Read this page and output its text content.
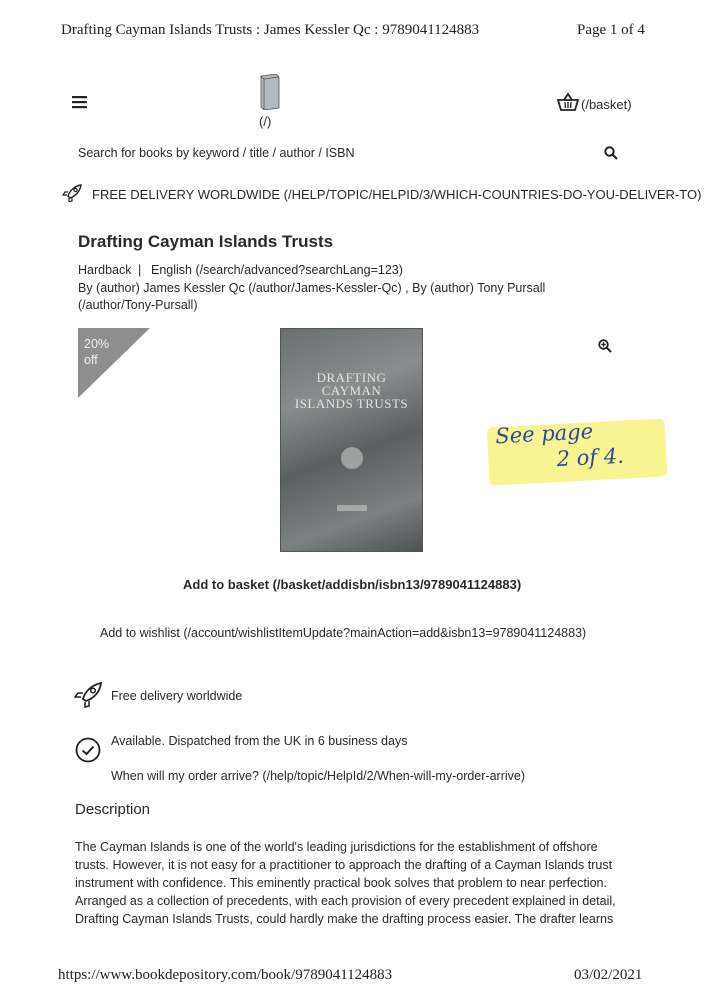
Drafting Cayman Islands Trusts : James Kessler Qc : 9789041124883	Page 1 of 4
(/)
(/basket)
Search for books by keyword / title / author / ISBN
FREE DELIVERY WORLDWIDE (/HELP/TOPIC/HELPID/3/WHICH-COUNTRIES-DO-YOU-DELIVER-TO)
Drafting Cayman Islands Trusts
Hardback | English (/search/advanced?searchLang=123)
By (author) James Kessler Qc (/author/James-Kessler-Qc) , By (author) Tony Pursall
(/author/Tony-Pursall)
20%
off
DRAFTING
CAYMAN
ISLANDS TRUSTS
See page
2 of 4.
Add to basket (/basket/addisbn/isbn13/9789041124883)
Add to wishlist (/account/wishlistItemUpdate?mainAction=add&isbn13=9789041124883)
Free delivery worldwide
Available. Dispatched from the UK in 6 business days
When will my order arrive? (/help/topic/HelpId/2/When-will-my-order-arrive)
Description
The Cayman Islands is one of the world's leading jurisdictions for the establishment of offshore
trusts. However, it is not easy for a practitioner to approach the drafting of a Cayman Islands trust
instrument with confidence. This eminently practical book solves that problem to near perfection.
Arranged as a collection of precedents, with each provision of every precedent explained in detail,
Drafting Cayman Islands Trusts, could hardly make the drafting process easier. The drafter learns
https://www.bookdepository.com/book/9789041124883	03/02/2021
